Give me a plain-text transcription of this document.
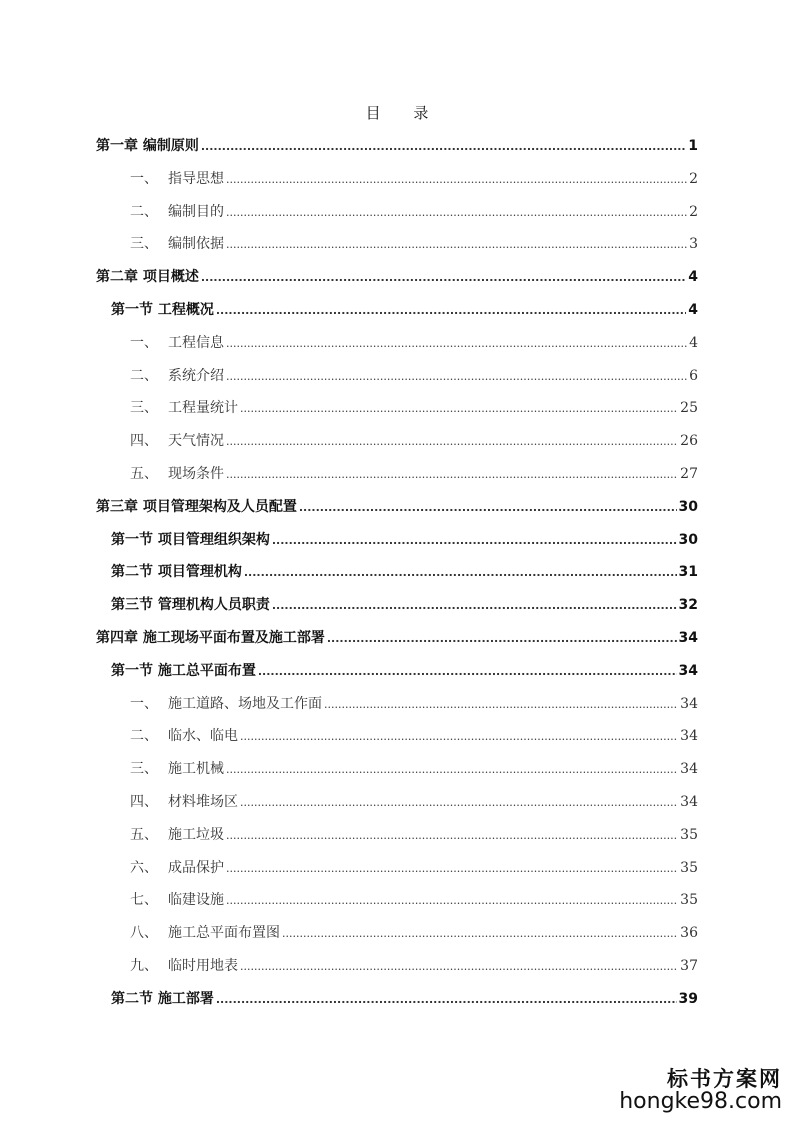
目 录
第一章 编制原则 .....	1
一、 指导思想 .....	2
二、 编制目的 .....	2
三、 编制依据 .....	3
第二章 项目概述 .....	4
第一节 工程概况 .....	4
一、 工程信息 .....	4
二、 系统介绍 .....	6
三、 工程量统计 .....	25
四、 天气情况 .....	26
五、 现场条件 .....	27
第三章 项目管理架构及人员配置 .....	30
第一节 项目管理组织架构 .....	30
第二节 项目管理机构 .....	31
第三节 管理机构人员职责 .....	32
第四章 施工现场平面布置及施工部署 .....	34
第一节 施工总平面布置 .....	34
一、 施工道路、场地及工作面 .....	34
二、 临水、临电 .....	34
三、 施工机械 .....	34
四、 材料堆场区 .....	34
五、 施工垃圾 .....	35
六、 成品保护 .....	35
七、 临建设施 .....	35
八、 施工总平面布置图 .....	36
九、 临时用地表 .....	37
第二节 施工部署 .....	39
标书方案网
hongke98.com
